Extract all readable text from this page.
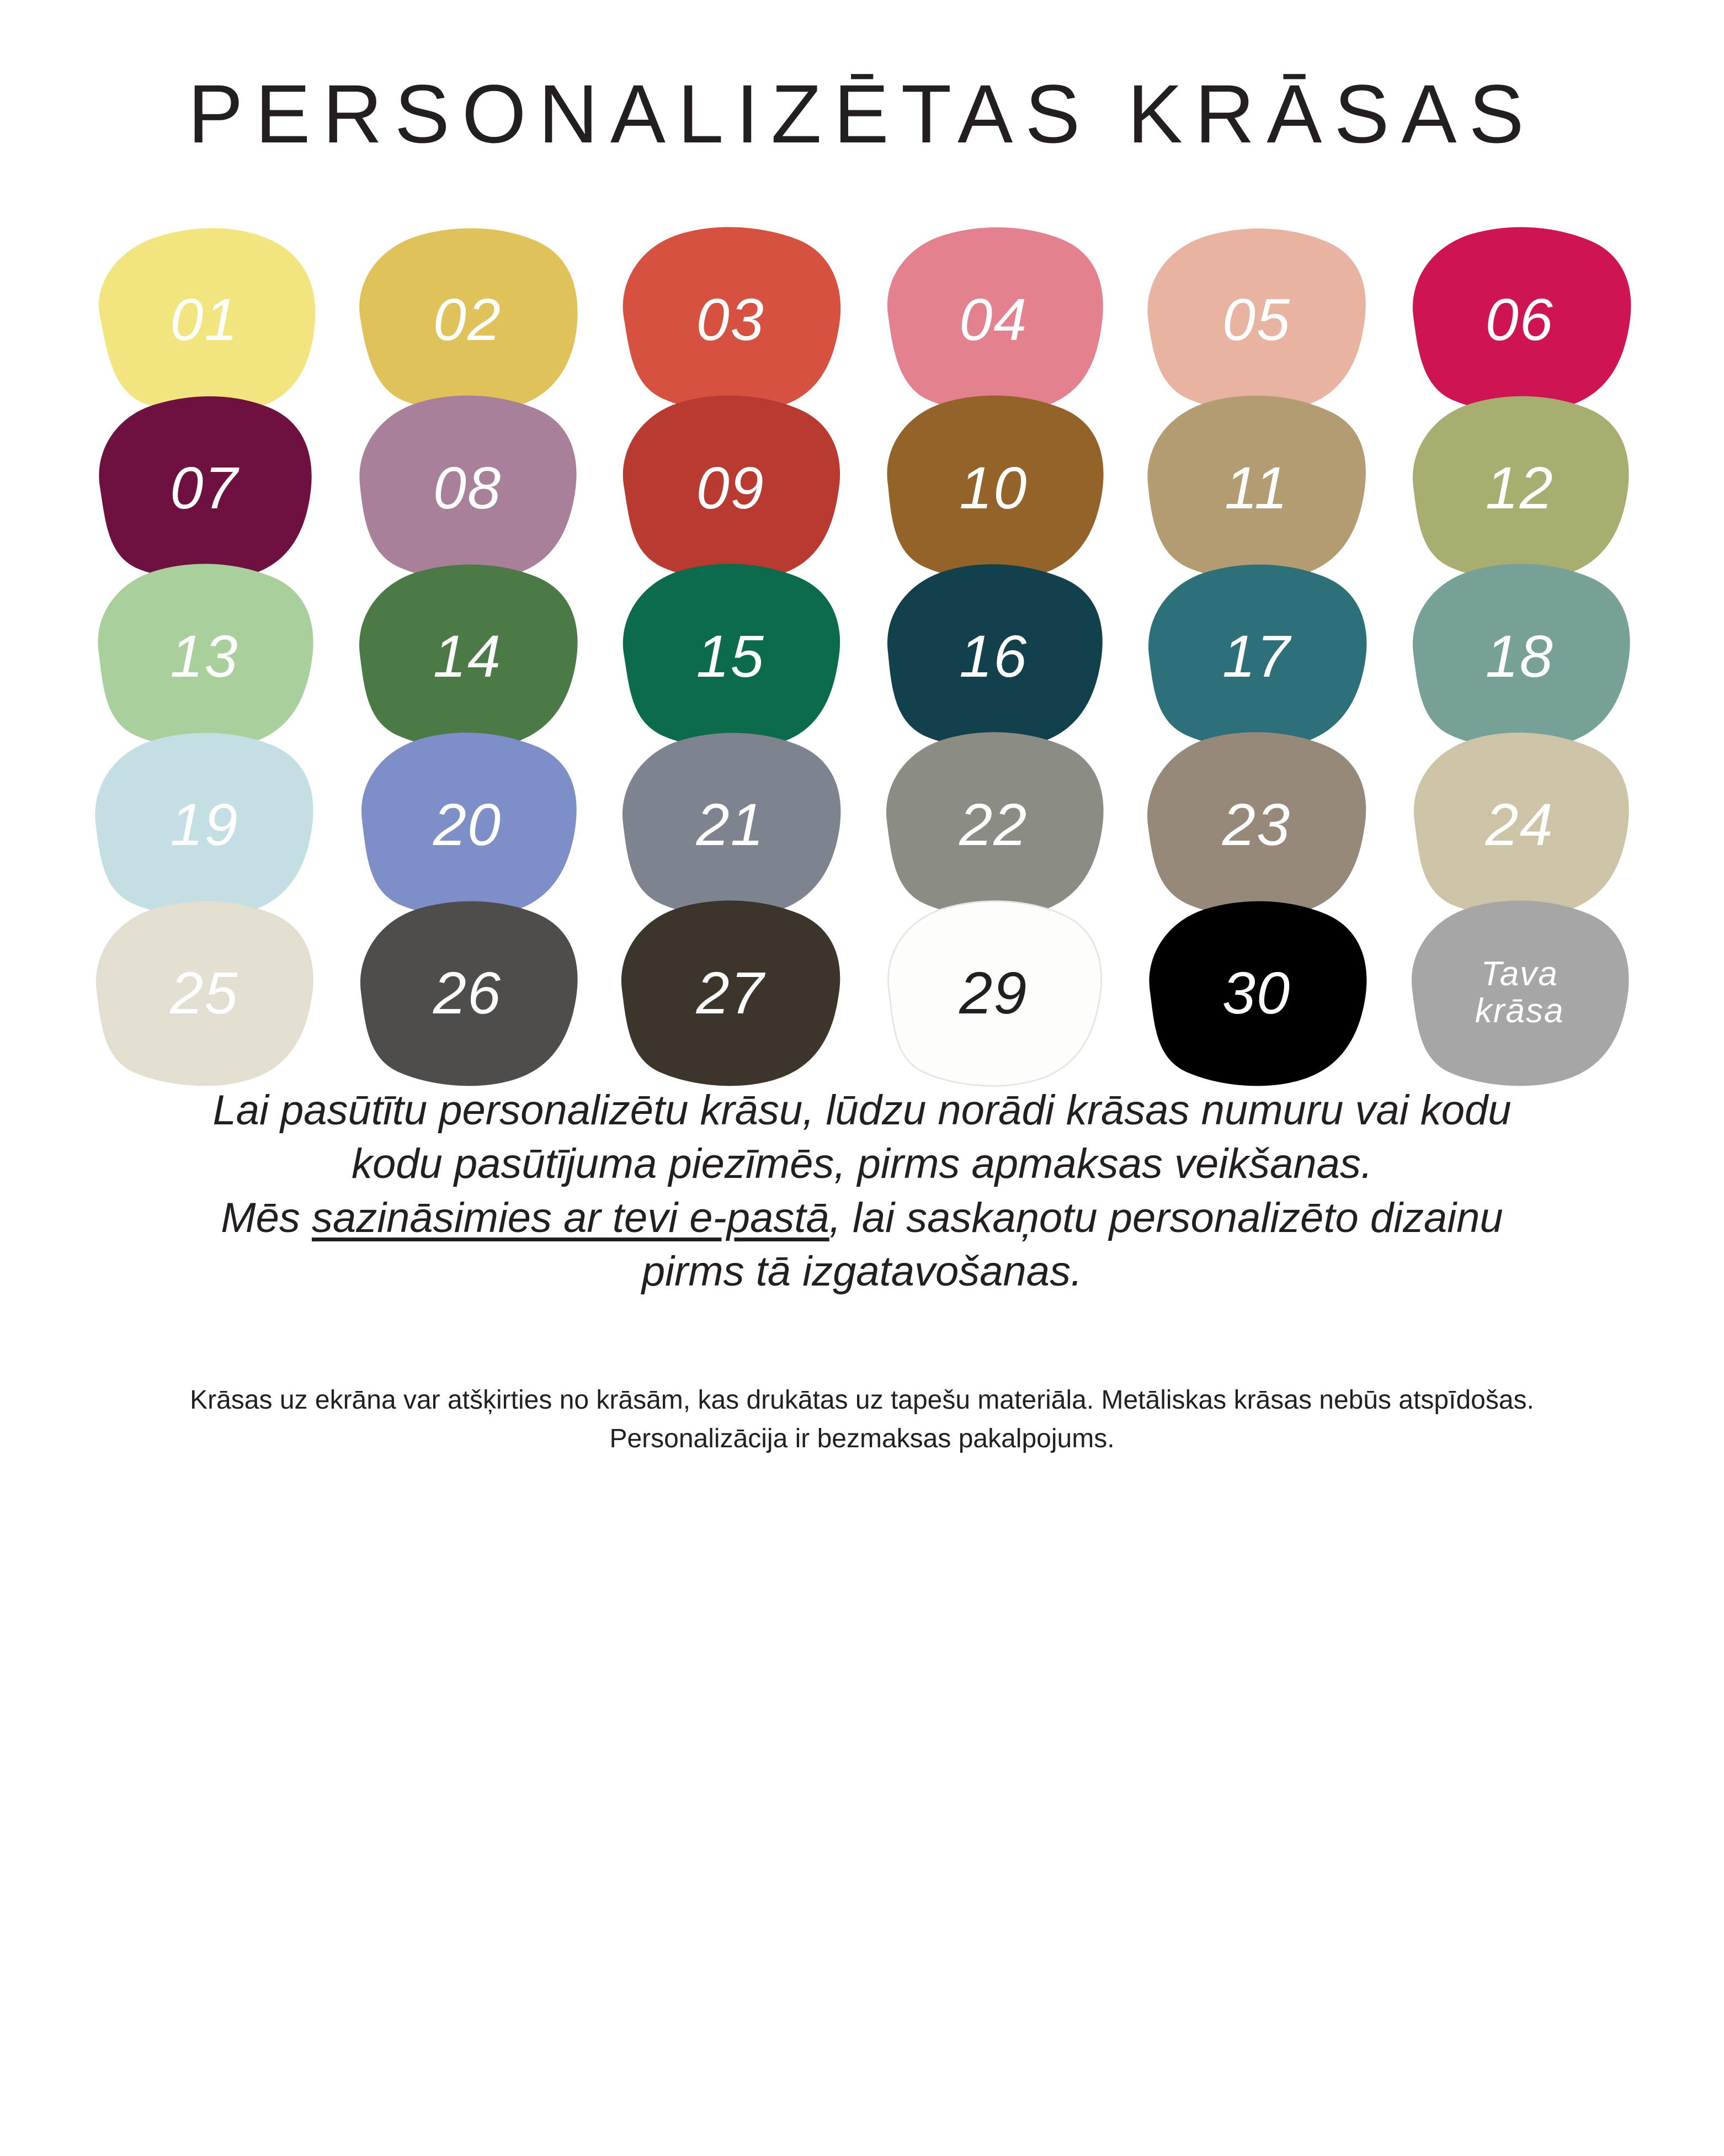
PERSONALIZĒTAS KRĀSAS
01	02	03	04	05	06
07	08	09	10	11	12
13	14	15	16	17	18
19	20	21	22	23	24
25	26	27	29	30	Tava
krāsa

Lai pasūtītu personalizētu krāsu, lūdzu norādi krāsas numuru vai kodu
kodu pasūtījuma piezīmēs, pirms apmaksas veikšanas.
Mēs sazināsimies ar tevi e-pastā, lai saskaņotu personalizēto dizainu
pirms tā izgatavošanas.

Krāsas uz ekrāna var atšķirties no krāsām, kas drukātas uz tapešu materiāla. Metāliskas krāsas nebūs atspīdošas.
Personalizācija ir bezmaksas pakalpojums.
